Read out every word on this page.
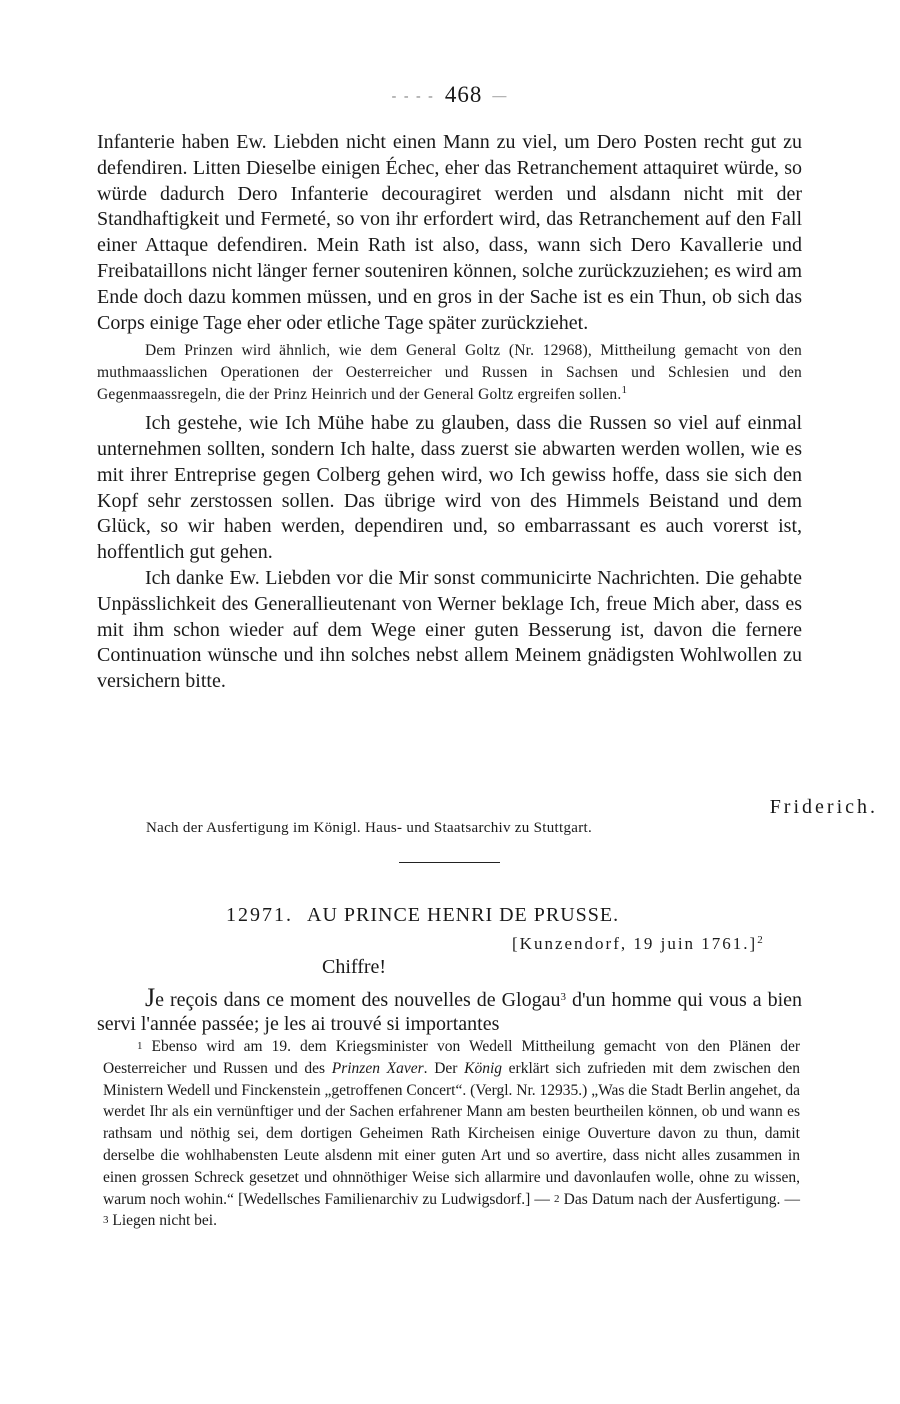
- - - - 468 —

Infanterie haben Ew. Liebden nicht einen Mann zu viel, um Dero Posten recht gut zu defendiren. Litten Dieselbe einigen Échec, eher das Retranchement attaquiret würde, so würde dadurch Dero Infanterie decouragiret werden und alsdann nicht mit der Standhaftigkeit und Fermeté, so von ihr erfordert wird, das Retranchement auf den Fall einer Attaque defendiren. Mein Rath ist also, dass, wann sich Dero Kavallerie und Freibataillons nicht länger ferner souteniren können, solche zurückzuziehen; es wird am Ende doch dazu kommen müssen, und en gros in der Sache ist es ein Thun, ob sich das Corps einige Tage eher oder etliche Tage später zurückziehet.

Dem Prinzen wird ähnlich, wie dem General Goltz (Nr. 12968), Mittheilung gemacht von den muthmaasslichen Operationen der Oesterreicher und Russen in Sachsen und Schlesien und den Gegenmaassregeln, die der Prinz Heinrich und der General Goltz ergreifen sollen.$^1$

Ich gestehe, wie Ich Mühe habe zu glauben, dass die Russen so viel auf einmal unternehmen sollten, sondern Ich halte, dass zuerst sie abwarten werden wollen, wie es mit ihrer Entreprise gegen Colberg gehen wird, wo Ich gewiss hoffe, dass sie sich den Kopf sehr zerstossen sollen. Das übrige wird von des Himmels Beistand und dem Glück, so wir haben werden, dependiren und, so embarrassant es auch vorerst ist, hoffentlich gut gehen.

Ich danke Ew. Liebden vor die Mir sonst communicirte Nachrichten. Die gehabte Unpässlichkeit des Generallieutenant von Werner beklage Ich, freue Mich aber, dass es mit ihm schon wieder auf dem Wege einer guten Besserung ist, davon die fernere Continuation wünsche und ihn solches nebst allem Meinem gnädigsten Wohlwollen zu versichern bitte.

Friderich.
Nach der Ausfertigung im Königl. Haus- und Staatsarchiv zu Stuttgart.
12971. AU PRINCE HENRI DE PRUSSE.
[Kunzendorf, 19 juin 1761.]$^2$
Chiffre!

Je reçois dans ce moment des nouvelles de Glogau$^3$ d'un homme qui vous a bien servi l'année passée; je les ai trouvé si importantes

1 Ebenso wird am 19. dem Kriegsminister von Wedell Mittheilung gemacht von den Plänen der Oesterreicher und Russen und des Prinzen Xaver. Der König erklärt sich zufrieden mit dem zwischen den Ministern Wedell und Finckenstein „getroffenen Concert“. (Vergl. Nr. 12935.) „Was die Stadt Berlin angehet, da werdet Ihr als ein vernünftiger und der Sachen erfahrener Mann am besten beurtheilen können, ob und wann es rathsam und nöthig sei, dem dortigen Geheimen Rath Kircheisen einige Ouverture davon zu thun, damit derselbe die wohlhabensten Leute alsdenn mit einer guten Art und so avertire, dass nicht alles zusammen in einen grossen Schreck gesetzet und ohnnöthiger Weise sich allarmire und davonlaufen wolle, ohne zu wissen, warum noch wohin.“ [Wedellsches Familienarchiv zu Ludwigsdorf.] — 2 Das Datum nach der Ausfertigung. — 3 Liegen nicht bei.
